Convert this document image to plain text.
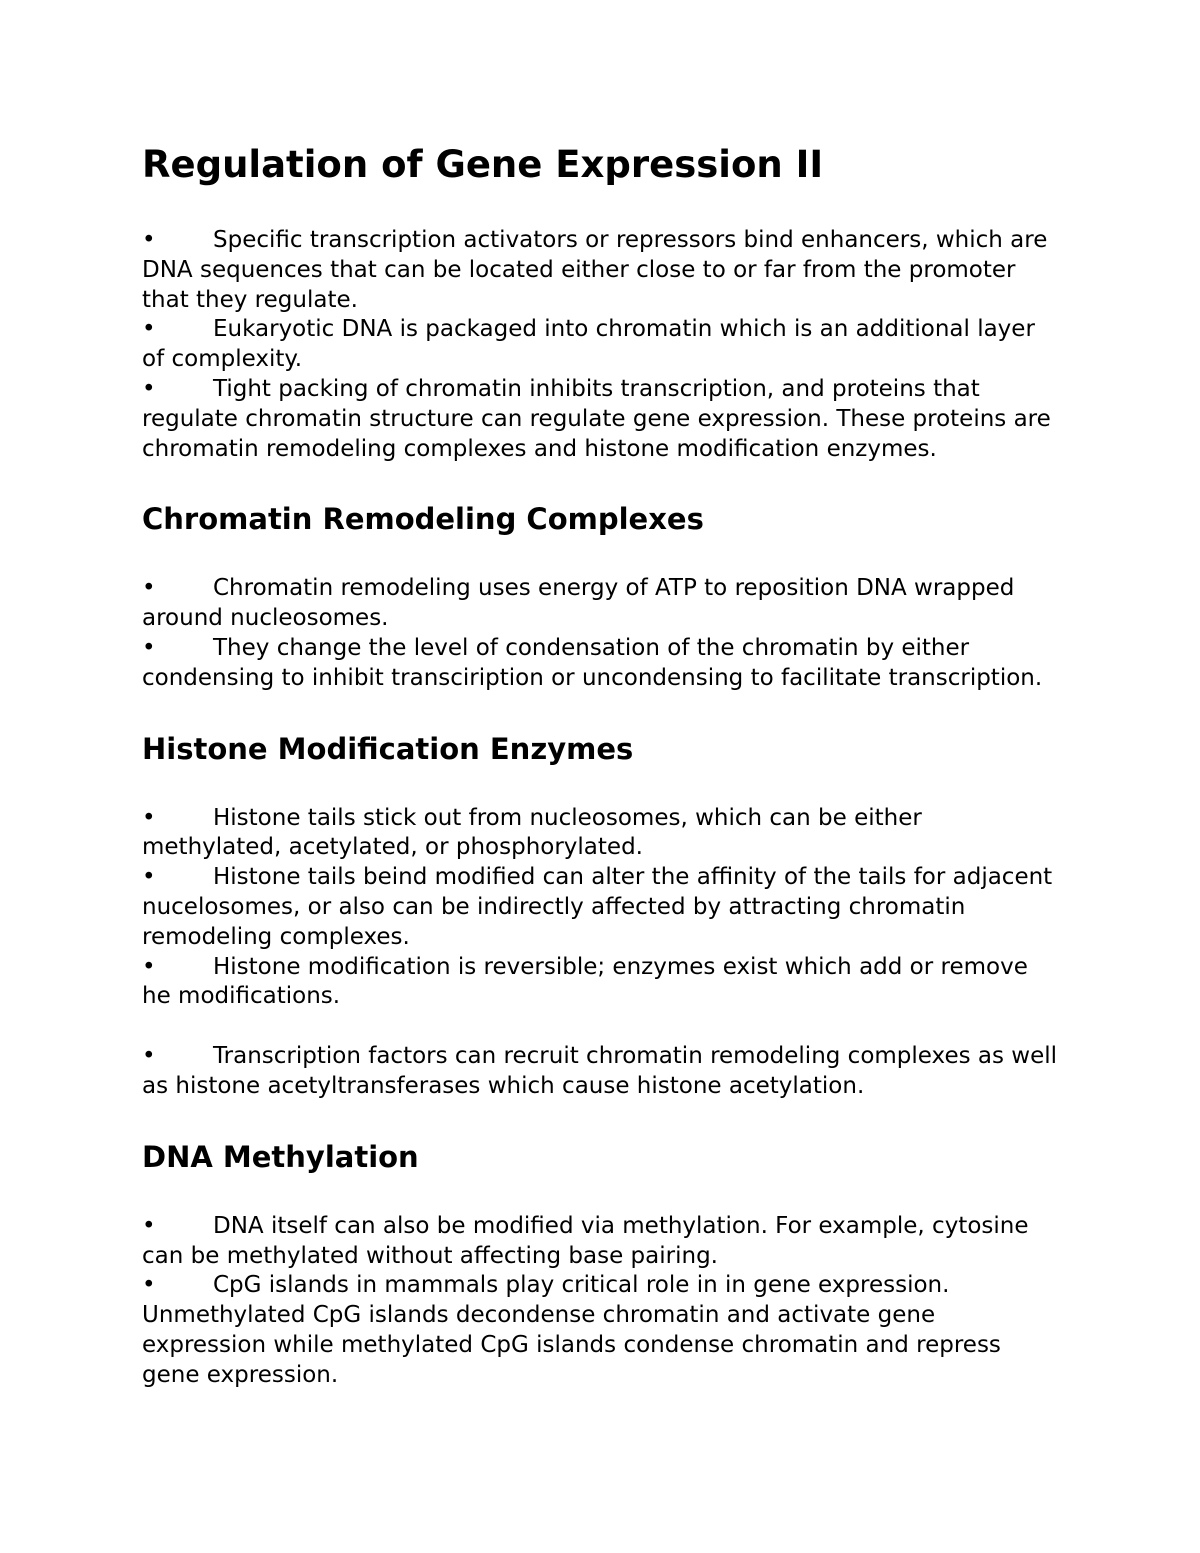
Regulation of Gene Expression II

• Specific transcription activators or repressors bind enhancers, which are DNA sequences that can be located either close to or far from the promoter that they regulate.

• Eukaryotic DNA is packaged into chromatin which is an additional layer of complexity.

• Tight packing of chromatin inhibits transcription, and proteins that regulate chromatin structure can regulate gene expression. These proteins are chromatin remodeling complexes and histone modification enzymes.

Chromatin Remodeling Complexes

• Chromatin remodeling uses energy of ATP to reposition DNA wrapped around nucleosomes.

• They change the level of condensation of the chromatin by either condensing to inhibit transciription or uncondensing to facilitate transcription.

Histone Modification Enzymes

• Histone tails stick out from nucleosomes, which can be either methylated, acetylated, or phosphorylated.

• Histone tails beind modified can alter the affinity of the tails for adjacent nucelosomes, or also can be indirectly affected by attracting chromatin remodeling complexes.

• Histone modification is reversible; enzymes exist which add or remove he modifications.

• Transcription factors can recruit chromatin remodeling complexes as well as histone acetyltransferases which cause histone acetylation.

DNA Methylation

• DNA itself can also be modified via methylation. For example, cytosine can be methylated without affecting base pairing.

• CpG islands in mammals play critical role in in gene expression. Unmethylated CpG islands decondense chromatin and activate gene expression while methylated CpG islands condense chromatin and repress gene expression.
